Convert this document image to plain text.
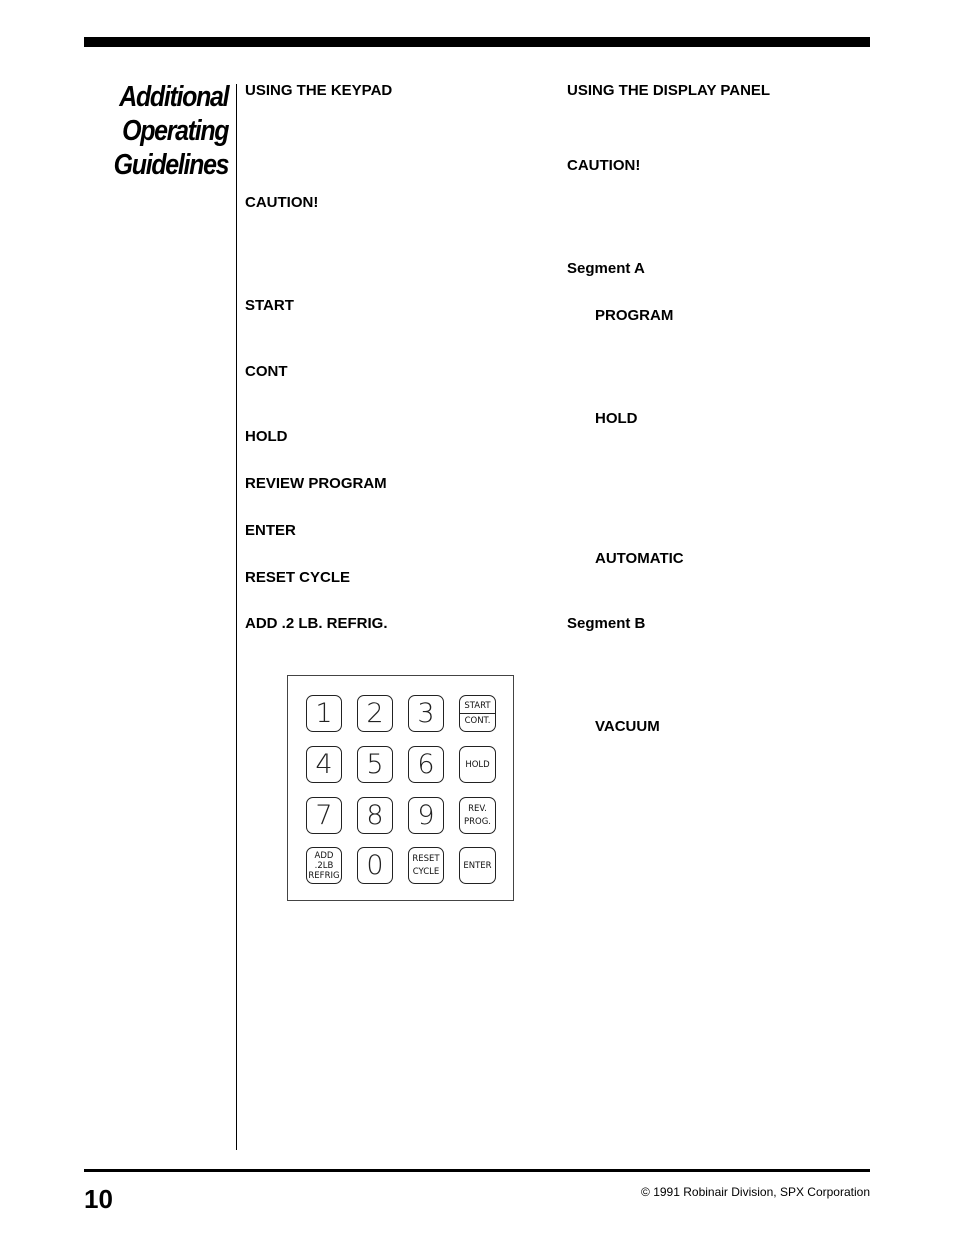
Additional
Operating
Guidelines
USING THE KEYPAD
CAUTION!
START
CONT
HOLD
REVIEW PROGRAM
ENTER
RESET CYCLE
ADD .2 LB. REFRIG.
USING THE DISPLAY PANEL
CAUTION!
Segment A
PROGRAM
HOLD
AUTOMATIC
Segment B
VACUUM
1	2	3	START
CONT.
4	5	6	HOLD
7	8	9	REV.
PROG.
ADD
.2LB
REFRIG 0	RESET
CYCLE
ENTER
10	© 1991 Robinair Division, SPX Corporation
